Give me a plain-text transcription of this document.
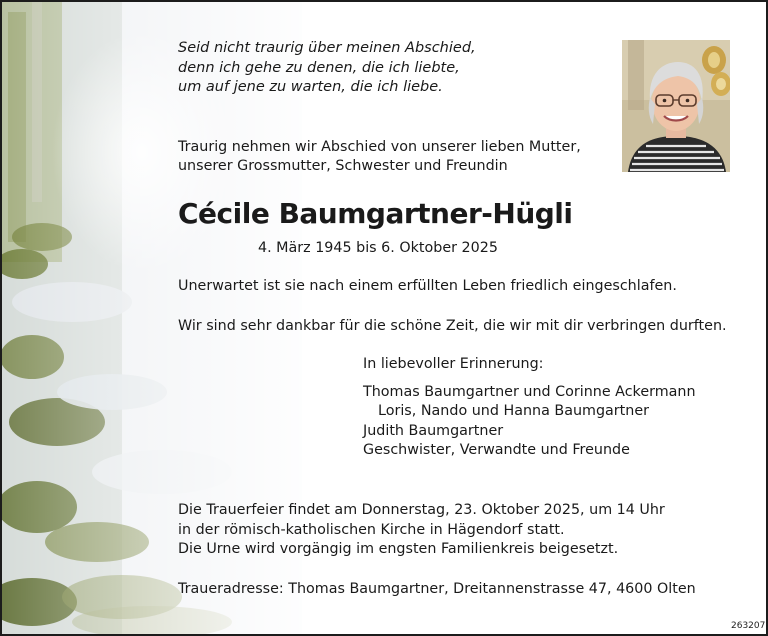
Seid nicht traurig über meinen Abschied,
denn ich gehe zu denen, die ich liebte,
um auf jene zu warten, die ich liebe.
Traurig nehmen wir Abschied von unserer lieben Mutter,
unserer Grossmutter, Schwester und Freundin
Cécile Baumgartner-Hügli
4. März 1945 bis 6. Oktober 2025
Unerwartet ist sie nach einem erfüllten Leben friedlich eingeschlafen.
Wir sind sehr dankbar für die schöne Zeit, die wir mit dir verbringen durften.
In liebevoller Erinnerung:
Thomas Baumgartner und Corinne Ackermann
Loris, Nando und Hanna Baumgartner
Judith Baumgartner
Geschwister, Verwandte und Freunde
Die Trauerfeier findet am Donnerstag, 23. Oktober 2025, um 14 Uhr
in der römisch-katholischen Kirche in Hägendorf statt.
Die Urne wird vorgängig im engsten Familienkreis beigesetzt.
Traueradresse: Thomas Baumgartner, Dreitannenstrasse 47, 4600 Olten
263207
